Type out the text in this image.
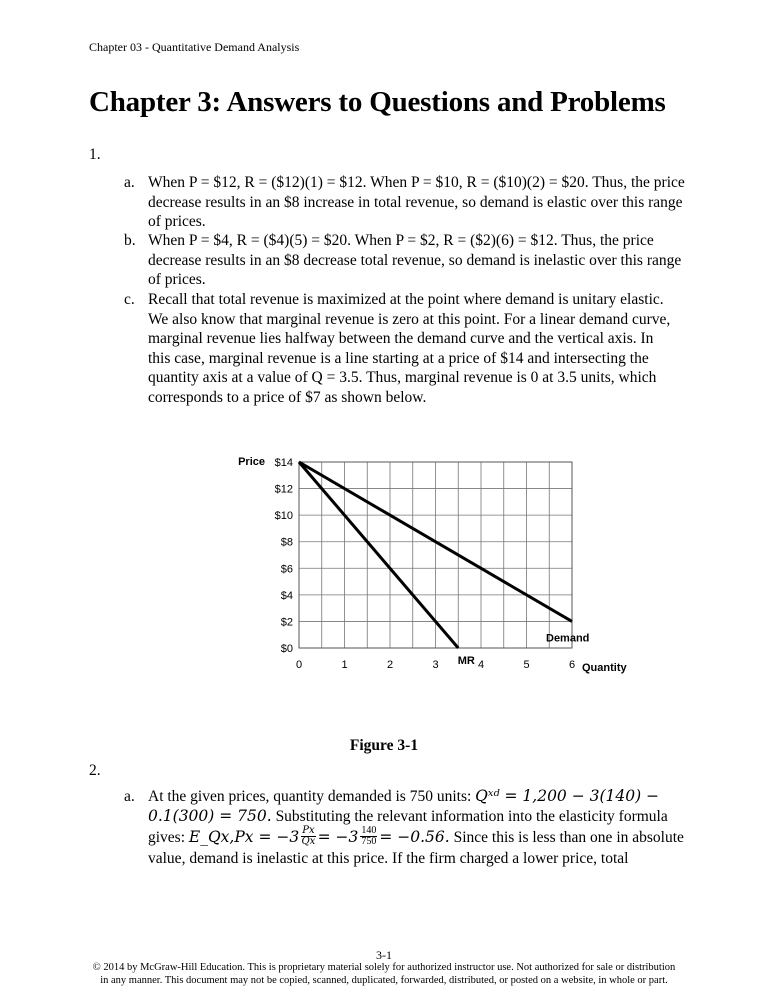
Chapter 03 - Quantitative Demand Analysis
Chapter 3: Answers to Questions and Problems
1.
a. When P = $12, R = ($12)(1) = $12. When P = $10, R = ($10)(2) = $20. Thus, the price decrease results in an $8 increase in total revenue, so demand is elastic over this range of prices.
b. When P = $4, R = ($4)(5) = $20. When P = $2, R = ($2)(6) = $12. Thus, the price decrease results in an $8 decrease total revenue, so demand is inelastic over this range of prices.
c. Recall that total revenue is maximized at the point where demand is unitary elastic. We also know that marginal revenue is zero at this point. For a linear demand curve, marginal revenue lies halfway between the demand curve and the vertical axis. In this case, marginal revenue is a line starting at a price of $14 and intersecting the quantity axis at a value of Q = 3.5. Thus, marginal revenue is 0 at 3.5 units, which corresponds to a price of $7 as shown below.
$0
$2
$4
$6
$8
$10
$12
$14
0	1	2	3	4	5	6
Price
Quantity
Demand
MR
Figure 3-1
2.
a. At the given prices, quantity demanded is 750 units: Qˣᵈ = 1,200 − 3(140) −
0.1(300) = 750. Substituting the relevant information into the elasticity formula
gives: E_Qx,Px = $-3 \frac{Px}{Qx} = -3 \frac{140}{750} = -0.56$. Since this is less than one in absolute
value, demand is inelastic at this price. If the firm charged a lower price, total
3-1
© 2014 by McGraw-Hill Education. This is proprietary material solely for authorized instructor use. Not authorized for sale or distribution
in any manner. This document may not be copied, scanned, duplicated, forwarded, distributed, or posted on a website, in whole or part.
